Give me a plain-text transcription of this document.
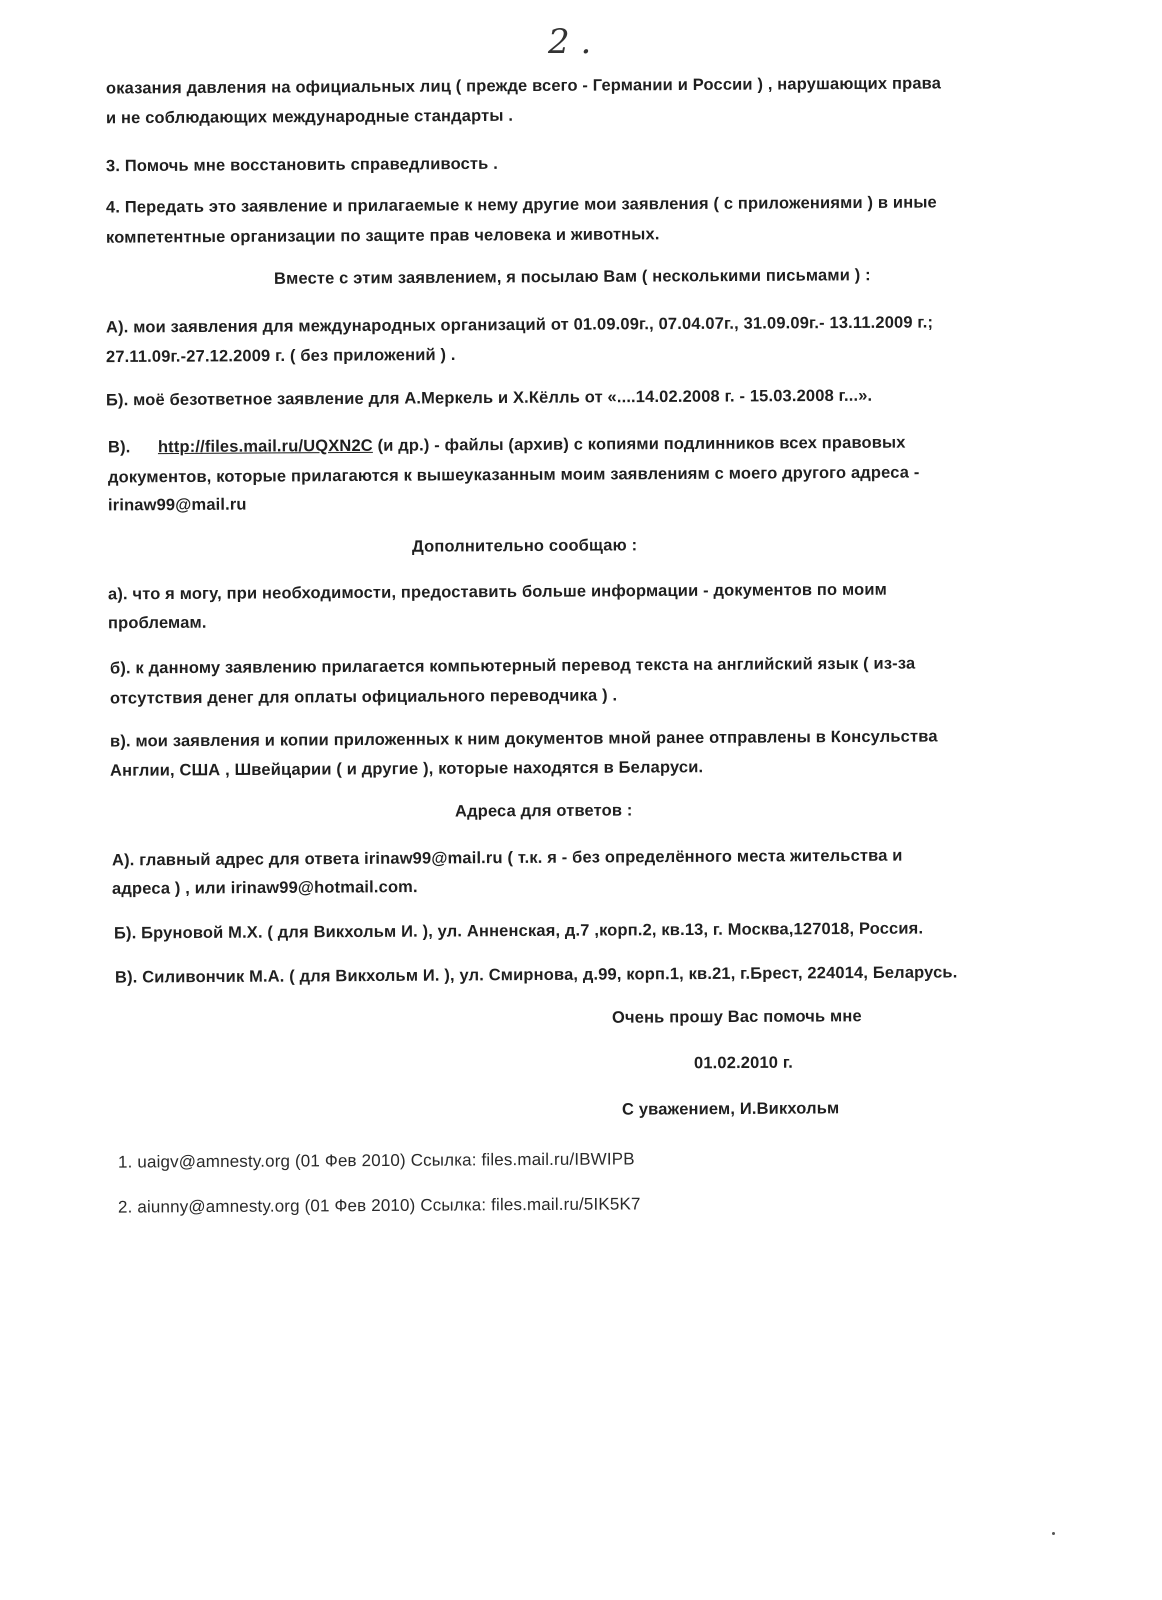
2 .
оказания давления на официальных лиц ( прежде всего - Германии и России ) , нарушающих права
и не соблюдающих международные стандарты .
3. Помочь мне восстановить справедливость .
4. Передать это заявление и прилагаемые к нему другие мои заявления ( с приложениями ) в иные
компетентные организации по защите прав человека и животных.
Вместе с этим заявлением, я посылаю Вам ( несколькими письмами ) :
А). мои заявления для международных организаций от 01.09.09г., 07.04.07г., 31.09.09г.- 13.11.2009 г.;
27.11.09г.-27.12.2009 г. ( без приложений ) .
Б). моё безответное заявление для А.Меркель и Х.Кёлль от «....14.02.2008 г. - 15.03.2008 г...».
В). http://files.mail.ru/UQXN2C (и др.) - файлы (архив) с копиями подлинников всех правовых
документов, которые прилагаются к вышеуказанным моим заявлениям с моего другого адреса -
irinaw99@mail.ru
Дополнительно сообщаю :
а). что я могу, при необходимости, предоставить больше информации - документов по моим
проблемам.
б). к данному заявлению прилагается компьютерный перевод текста на английский язык ( из-за
отсутствия денег для оплаты официального переводчика ) .
в). мои заявления и копии приложенных к ним документов мной ранее отправлены в Консульства
Англии, США , Швейцарии ( и другие ), которые находятся в Беларуси.
Адреса для ответов :
А). главный адрес для ответа irinaw99@mail.ru ( т.к. я - без определённого места жительства и
адреса ) , или irinaw99@hotmail.com.
Б). Бруновой М.Х. ( для Викхольм И. ), ул. Анненская, д.7 ,корп.2, кв.13, г. Москва,127018, Россия.
В). Силивончик М.А. ( для Викхольм И. ), ул. Смирнова, д.99, корп.1, кв.21, г.Брест, 224014, Беларусь.
Очень прошу Вас помочь мне
01.02.2010 г.
С уважением, И.Викхольм
1. uaigv@amnesty.org (01 Фев 2010) Ссылка: files.mail.ru/IBWIPB
2. aiunny@amnesty.org (01 Фев 2010) Ссылка: files.mail.ru/5IK5K7
